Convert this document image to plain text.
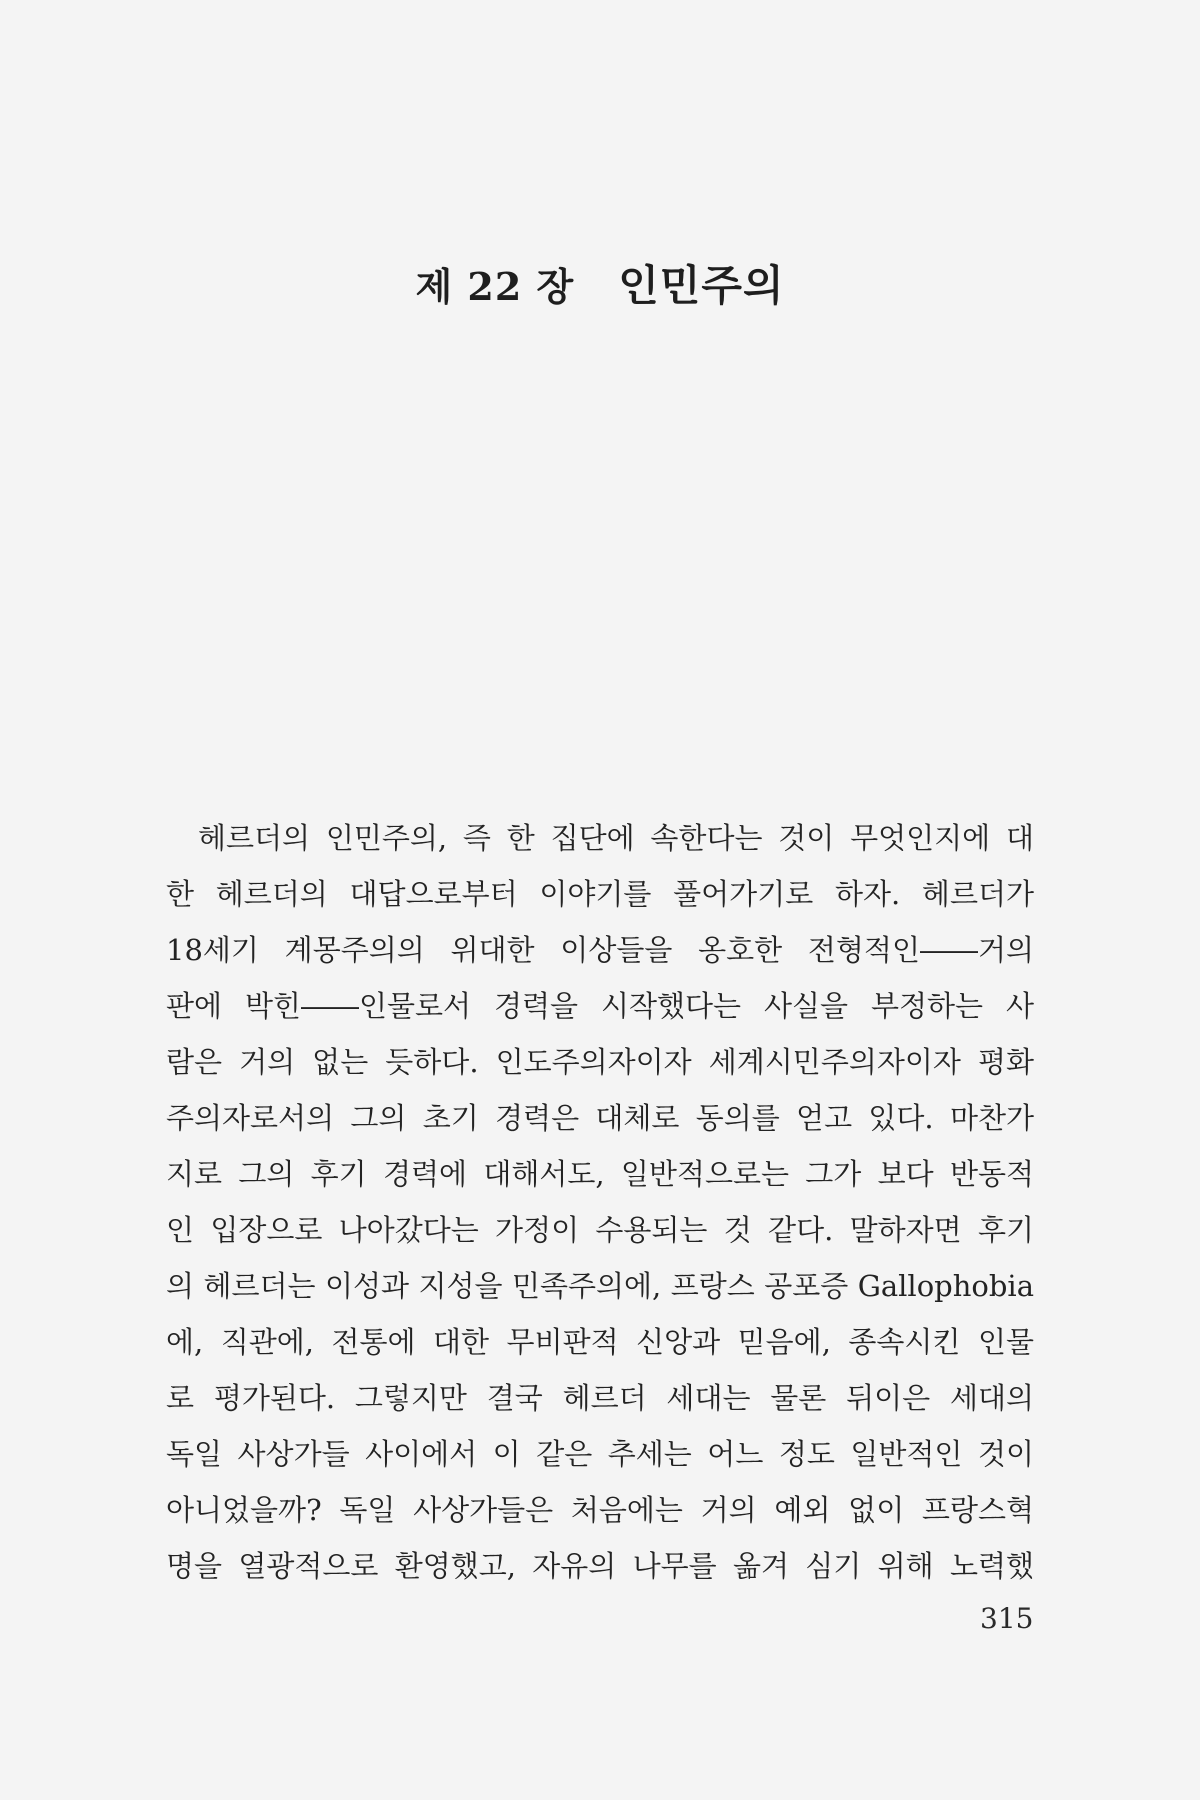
제 22 장 인민주의
헤르더의 인민주의, 즉 한 집단에 속한다는 것이 무엇인지에 대
한 헤르더의 대답으로부터 이야기를 풀어가기로 하자. 헤르더가
18세기 계몽주의의 위대한 이상들을 옹호한 전형적인――거의
판에 박힌――인물로서 경력을 시작했다는 사실을 부정하는 사
람은 거의 없는 듯하다. 인도주의자이자 세계시민주의자이자 평화
주의자로서의 그의 초기 경력은 대체로 동의를 얻고 있다. 마찬가
지로 그의 후기 경력에 대해서도, 일반적으로는 그가 보다 반동적
인 입장으로 나아갔다는 가정이 수용되는 것 같다. 말하자면 후기
의 헤르더는 이성과 지성을 민족주의에, 프랑스 공포증 Gallophobia
에, 직관에, 전통에 대한 무비판적 신앙과 믿음에, 종속시킨 인물
로 평가된다. 그렇지만 결국 헤르더 세대는 물론 뒤이은 세대의
독일 사상가들 사이에서 이 같은 추세는 어느 정도 일반적인 것이
아니었을까? 독일 사상가들은 처음에는 거의 예외 없이 프랑스혁
명을 열광적으로 환영했고, 자유의 나무를 옮겨 심기 위해 노력했
315
